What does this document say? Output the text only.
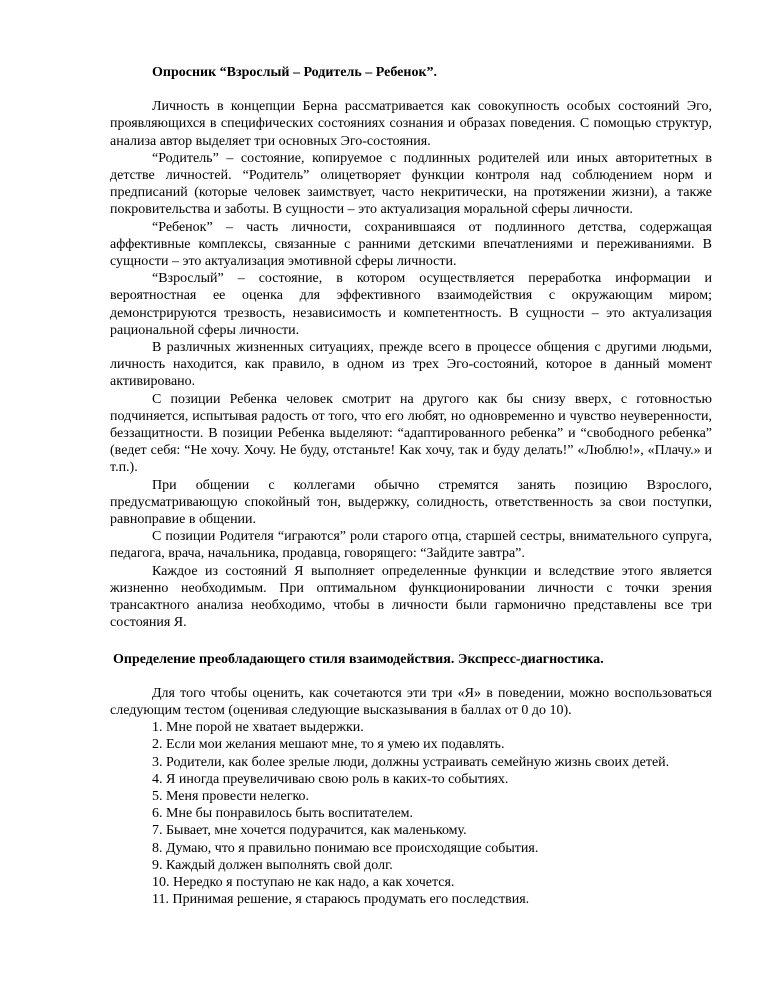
Опросник “Взрослый – Родитель – Ребенок”.

Личность в концепции Берна рассматривается как совокупность особых состояний Эго, проявляющихся в специфических состояниях сознания и образах поведения. С помощью структур, анализа автор выделяет три основных Эго-состояния.

“Родитель” – состояние, копируемое с подлинных родителей или иных авторитетных в детстве личностей. “Родитель” олицетворяет функции контроля над соблюдением норм и предписаний (которые человек заимствует, часто некритически, на протяжении жизни), а также покровительства и заботы. В сущности – это актуализация моральной сферы личности.

“Ребенок” – часть личности, сохранившаяся от подлинного детства, содержащая аффективные комплексы, связанные с ранними детскими впечатлениями и переживаниями. В сущности – это актуализация эмотивной сферы личности.

“Взрослый” – состояние, в котором осуществляется переработка информации и вероятностная ее оценка для эффективного взаимодействия с окружающим миром; демонстрируются трезвость, независимость и компетентность. В сущности – это актуализация рациональной сферы личности.

В различных жизненных ситуациях, прежде всего в процессе общения с другими людьми, личность находится, как правило, в одном из трех Эго-состояний, которое в данный момент активировано.

С позиции Ребенка человек смотрит на другого как бы снизу вверх, с готовностью подчиняется, испытывая радость от того, что его любят, но одновременно и чувство неуверенности, беззащитности. В позиции Ребенка выделяют: “адаптированного ребенка” и “свободного ребенка” (ведет себя: “Не хочу. Хочу. Не буду, отстаньте! Как хочу, так и буду делать!” «Люблю!», «Плачу.» и т.п.).

При общении с коллегами обычно стремятся занять позицию Взрослого, предусматривающую спокойный тон, выдержку, солидность, ответственность за свои поступки, равноправие в общении.

С позиции Родителя “играются” роли старого отца, старшей сестры, внимательного супруга, педагога, врача, начальника, продавца, говорящего: “Зайдите завтра”.

Каждое из состояний Я выполняет определенные функции и вследствие этого является жизненно необходимым. При оптимальном функционировании личности с точки зрения трансактного анализа необходимо, чтобы в личности были гармонично представлены все три состояния Я.

Определение преобладающего стиля взаимодействия. Экспресс-диагностика.

Для того чтобы оценить, как сочетаются эти три «Я» в поведении, можно воспользоваться следующим тестом (оценивая следующие высказывания в баллах от 0 до 10).

1. Мне порой не хватает выдержки.

2. Если мои желания мешают мне, то я умею их подавлять.

3. Родители, как более зрелые люди, должны устраивать семейную жизнь своих детей.

4. Я иногда преувеличиваю свою роль в каких-то событиях.

5. Меня провести нелегко.

6. Мне бы понравилось быть воспитателем.

7. Бывает, мне хочется подурачится, как маленькому.

8. Думаю, что я правильно понимаю все происходящие события.

9. Каждый должен выполнять свой долг.

10. Нередко я поступаю не как надо, а как хочется.

11. Принимая решение, я стараюсь продумать его последствия.
